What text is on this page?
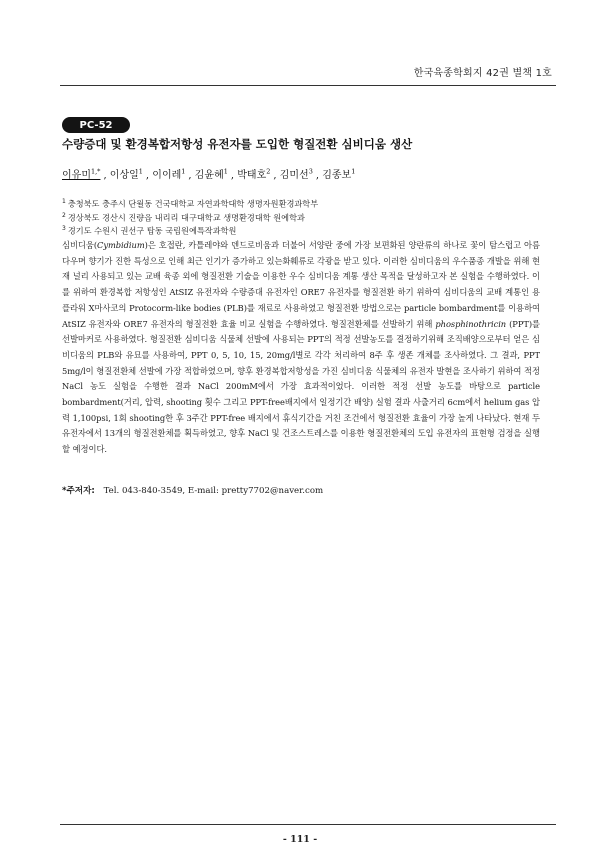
한국육종학회지 42권 별책 1호
PC-52
수량증대 및 환경복합저항성 유전자를 도입한 형질전환 심비디움 생산
이유미$^{1,*}$ , 이상일$^1$ , 이이레$^1$ , 김윤혜$^1$ , 박태호$^2$ , 김미선$^3$ , 김종보$^1$
$^1$ 충청북도 충주시 단월동 건국대학교 자연과학대학 생명자원환경과학부
$^2$ 경상북도 경산시 진량읍 내리리 대구대학교 생명환경대학 원예학과
$^3$ 경기도 수원시 권선구 탑동 국립원예특작과학원
심비디움(Cymbidium)은 호접란, 카틀레야와 덴드로비움과 더불어 서양란 중에 가장 보편화된 양란류의 하나로 꽃이 탐스럽고 아름다우며 향기가 진한 특성으로 인해 최근 인기가 증가하고 있는화훼류로 각광을 받고 있다. 이러한 심비디움의 우수품종 개발을 위해 현재 널리 사용되고 있는 교배 육종 외에 형질전환 기술을 이용한 우수 심비디움 계통 생산 목적을 달성하고자 본 실험을 수행하였다. 이를 위하여 환경복합 저항성인 AtSIZ 유전자와 수량증대 유전자인 ORE7 유전자를 형질전환 하기 위하여 심비디움의 교배 계통인 용플라워 X마사코의 Protocorm-like bodies (PLB)를 재료로 사용하였고 형질전환 방법으로는 particle bombardment를 이용하여 AtSIZ 유전자와 ORE7 유전자의 형질전환 효율 비교 실험을 수행하였다. 형질전환체를 선발하기 위해 phosphinothricin (PPT)를 선발마커로 사용하였다. 형질전환 심비디움 식물체 선발에 사용되는 PPT의 적정 선발농도를 결정하기위해 조직배양으로부터 얻은 심비디움의 PLB와 유묘를 사용하여, PPT 0, 5, 10, 15, 20mg/l별로 각각 처리하여 8주 후 생존 개체를 조사하였다. 그 결과, PPT 5mg/l이 형질전환체 선발에 가장 적합하였으며, 향후 환경복합저항성을 가진 심비디움 식물체의 유전자 발현을 조사하기 위하여 적정 NaCl 농도 실험을 수행한 결과 NaCl 200mM에서 가장 효과적이었다. 이러한 적정 선발 농도를 바탕으로 particle bombardment(거리, 압력, shooting 횟수 그리고 PPT-free배지에서 일정기간 배양) 실험 결과 사출거리 6cm에서 helium gas 압력 1,100psi, 1회 shooting한 후 3주간 PPT-free 배지에서 휴식기간을 거친 조건에서 형질전환 효율이 가장 높게 나타났다. 현재 두 유전자에서 13개의 형질전환체를 획득하였고, 향후 NaCl 및 건조스트레스를 이용한 형질전환체의 도입 유전자의 표현형 검정을 실행할 예정이다.
*주저자: Tel. 043-840-3549, E-mail: pretty7702@naver.com
- 111 -
